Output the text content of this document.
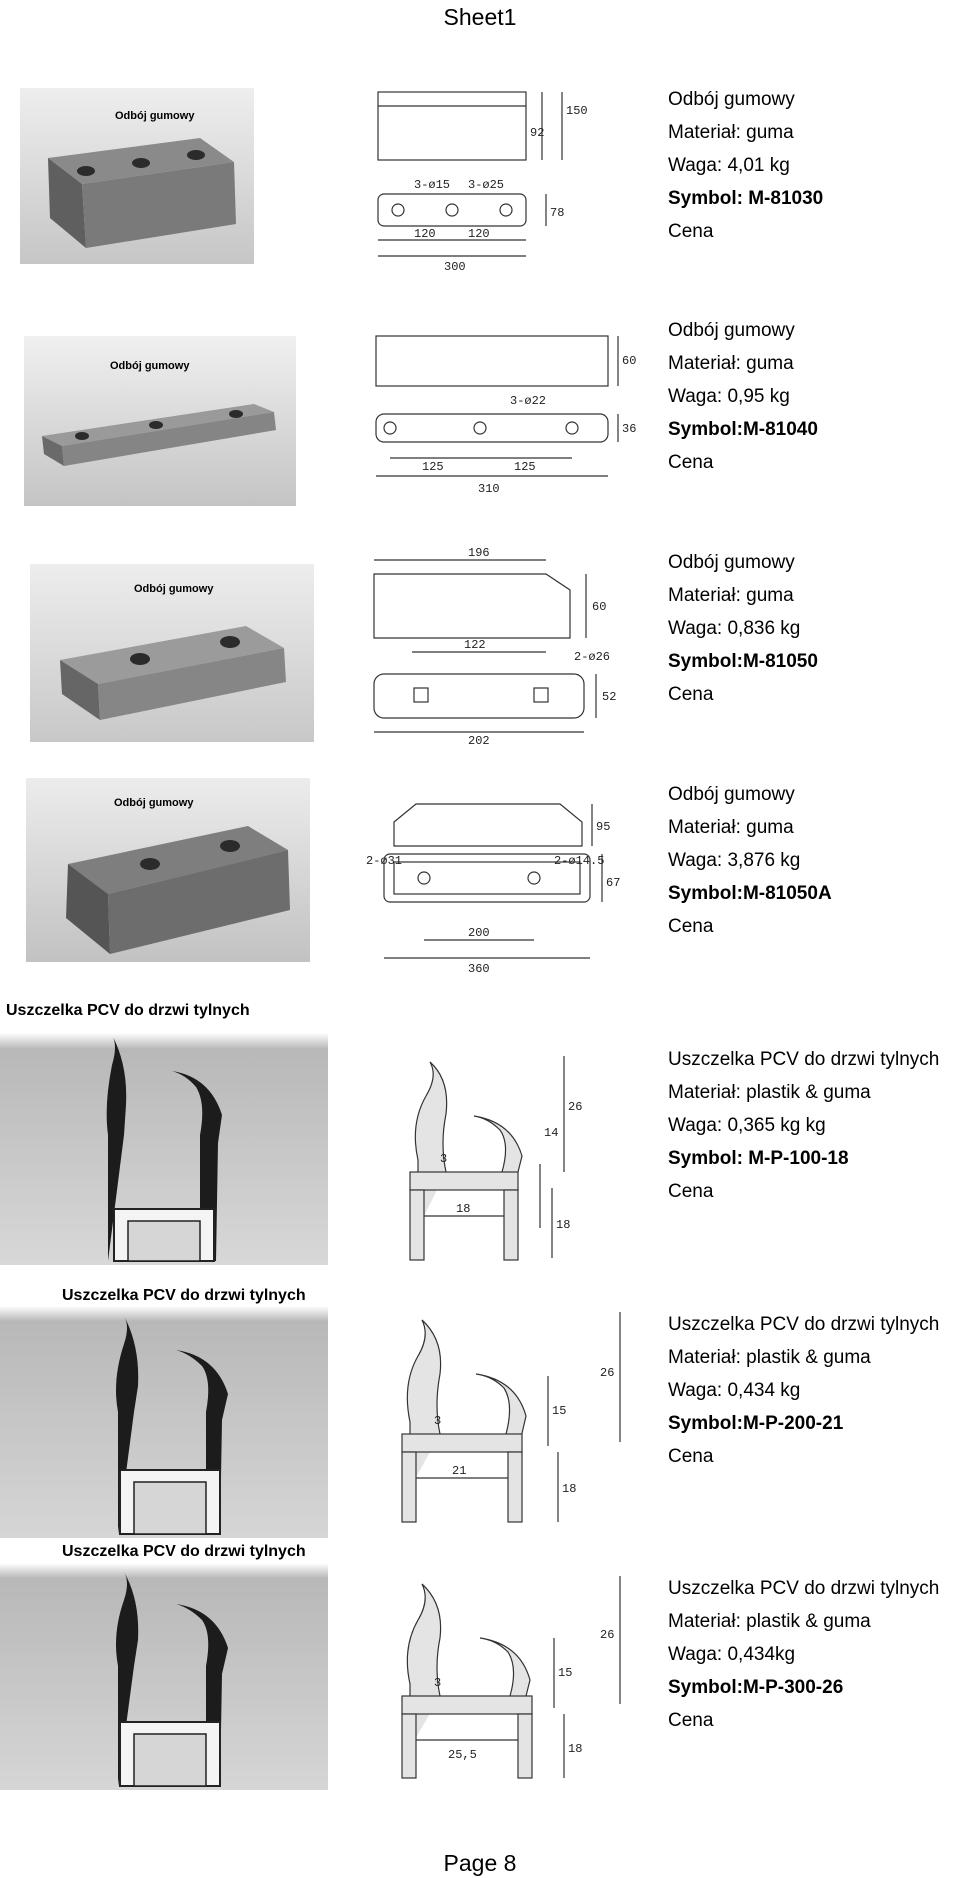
Sheet1
Odbój gumowy
3-ø15 3-ø25
120	120
300
92
150
78
Odbój gumowy
Materiał: guma
Waga: 4,01 kg
Symbol: M-81030
Cena
Odbój gumowy
3-ø22
125	125
310
60
36
Odbój gumowy
Materiał: guma
Waga: 0,95 kg
Symbol:M-81040
Cena
Odbój gumowy
196
122
2-ø26
202
60
52
Odbój gumowy
Materiał: guma
Waga: 0,836 kg
Symbol:M-81050
Cena
Odbój gumowy
2-ø31	2-ø14.5
200
360
95
67
Odbój gumowy
Materiał: guma
Waga: 3,876 kg
Symbol:M-81050A
Cena
Uszczelka PCV do drzwi tylnych
3
18
14
26
18
Uszczelka PCV do drzwi tylnych
Materiał: plastik & guma
Waga: 0,365 kg kg
Symbol: M-P-100-18
Cena
Uszczelka PCV do drzwi tylnych
3
21
15
26
18
Uszczelka PCV do drzwi tylnych
Materiał: plastik & guma
Waga: 0,434 kg
Symbol:M-P-200-21
Cena
Uszczelka PCV do drzwi tylnych
3
25,5
15
26
18
Uszczelka PCV do drzwi tylnych
Materiał: plastik & guma
Waga: 0,434kg
Symbol:M-P-300-26
Cena
Page 8
